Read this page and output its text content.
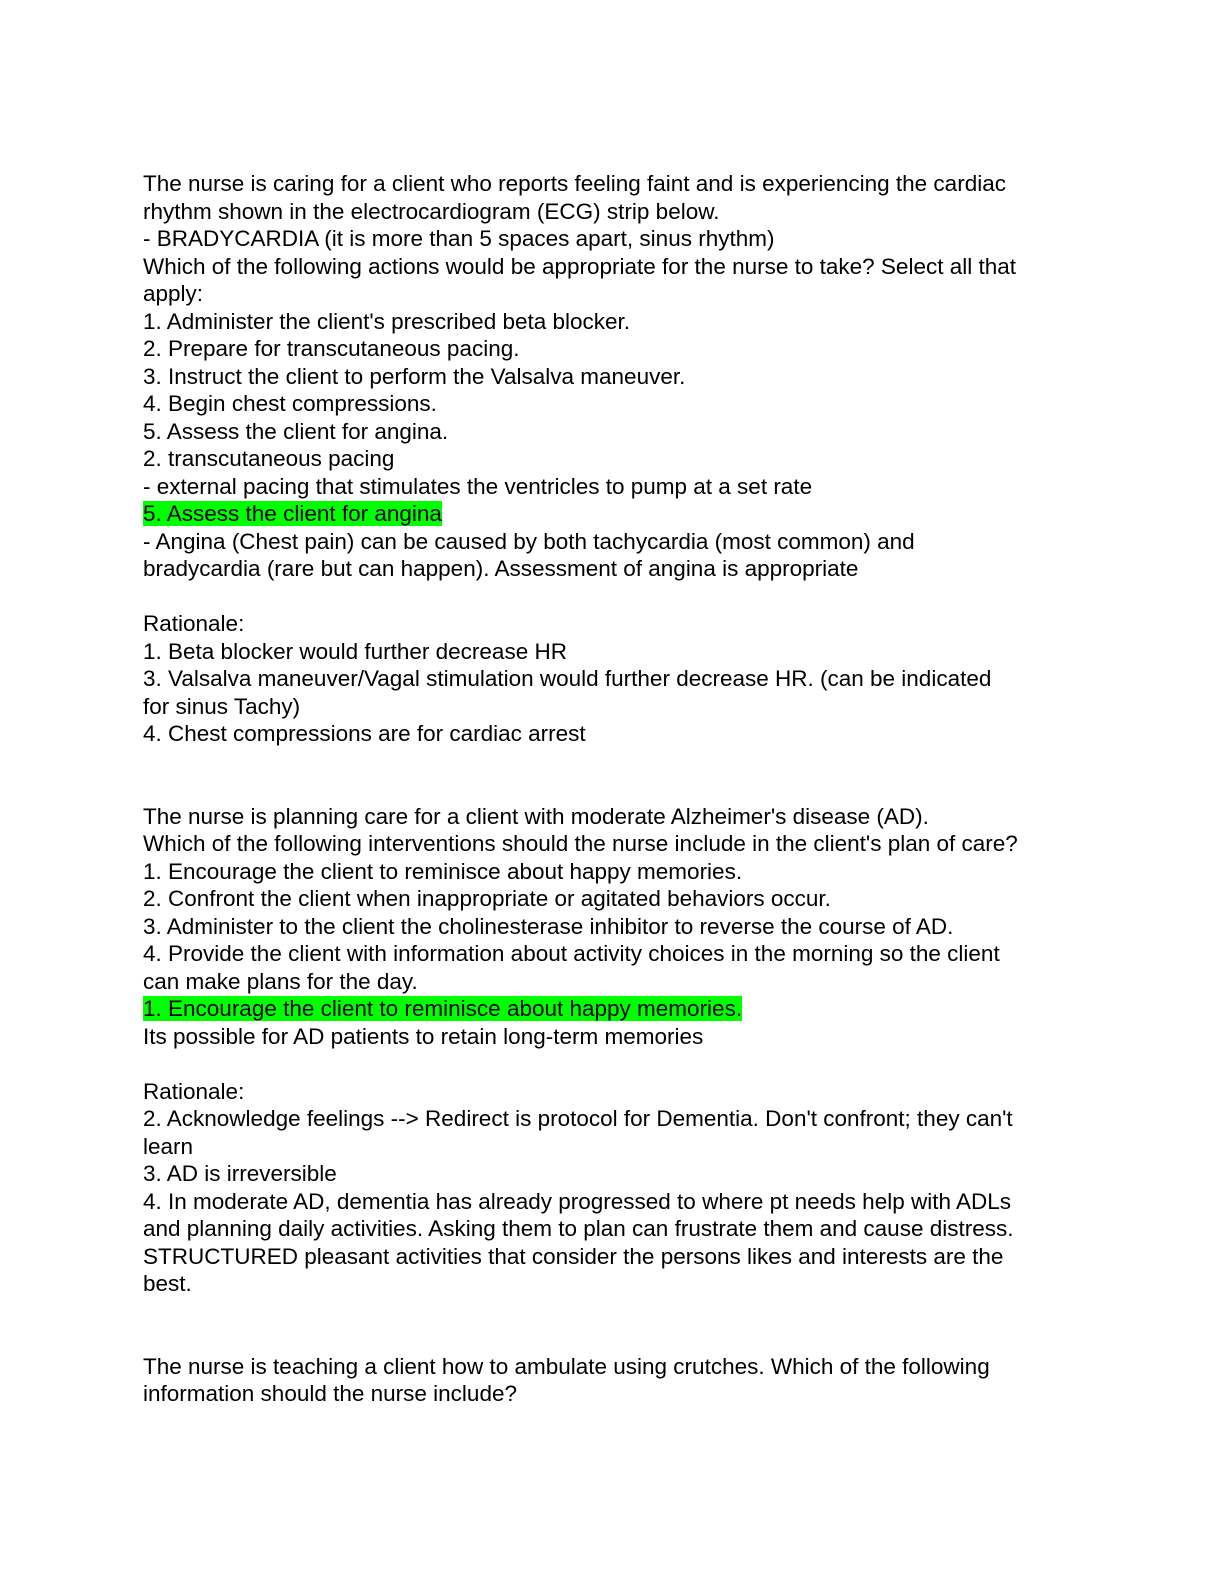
The nurse is caring for a client who reports feeling faint and is experiencing the cardiac
rhythm shown in the electrocardiogram (ECG) strip below.
- BRADYCARDIA (it is more than 5 spaces apart, sinus rhythm)
Which of the following actions would be appropriate for the nurse to take? Select all that
apply:
1. Administer the client's prescribed beta blocker.
2. Prepare for transcutaneous pacing.
3. Instruct the client to perform the Valsalva maneuver.
4. Begin chest compressions.
5. Assess the client for angina.
2. transcutaneous pacing
- external pacing that stimulates the ventricles to pump at a set rate
5. Assess the client for angina
- Angina (Chest pain) can be caused by both tachycardia (most common) and
bradycardia (rare but can happen). Assessment of angina is appropriate
Rationale:
1. Beta blocker would further decrease HR
3. Valsalva maneuver/Vagal stimulation would further decrease HR. (can be indicated
for sinus Tachy)
4. Chest compressions are for cardiac arrest
The nurse is planning care for a client with moderate Alzheimer's disease (AD).
Which of the following interventions should the nurse include in the client's plan of care?
1. Encourage the client to reminisce about happy memories.
2. Confront the client when inappropriate or agitated behaviors occur.
3. Administer to the client the cholinesterase inhibitor to reverse the course of AD.
4. Provide the client with information about activity choices in the morning so the client
can make plans for the day.
1. Encourage the client to reminisce about happy memories.
Its possible for AD patients to retain long-term memories
Rationale:
2. Acknowledge feelings --> Redirect is protocol for Dementia. Don't confront; they can't
learn
3. AD is irreversible
4. In moderate AD, dementia has already progressed to where pt needs help with ADLs
and planning daily activities. Asking them to plan can frustrate them and cause distress.
STRUCTURED pleasant activities that consider the persons likes and interests are the
best.
The nurse is teaching a client how to ambulate using crutches. Which of the following
information should the nurse include?
